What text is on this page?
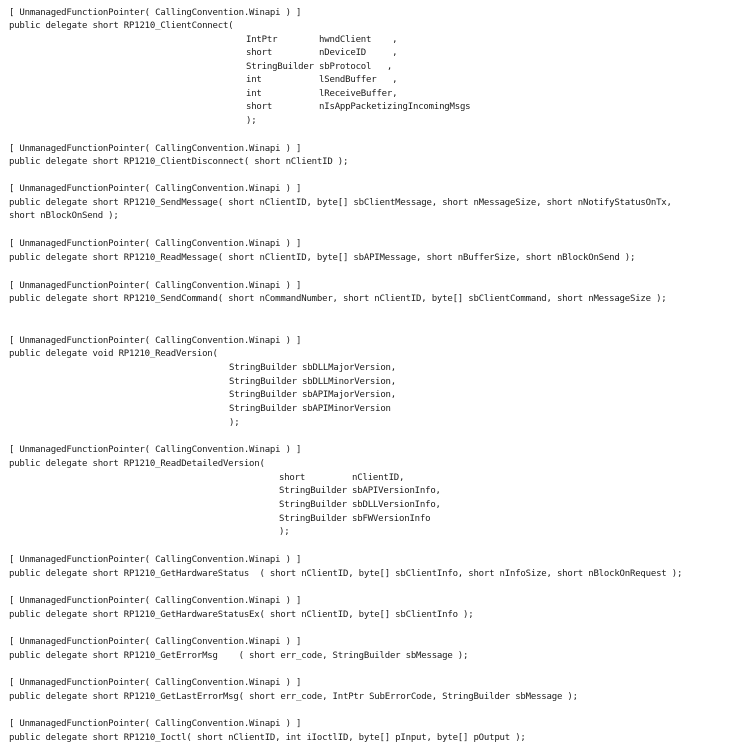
[ UnmanagedFunctionPointer( CallingConvention.Winapi ) ]
public delegate short RP1210_ClientConnect(
IntPtr        hwndClient    ,
short         nDeviceID     ,
StringBuilder sbProtocol   ,
int           lSendBuffer   ,
int           lReceiveBuffer,
short         nIsAppPacketizingIncomingMsgs
);
[ UnmanagedFunctionPointer( CallingConvention.Winapi ) ]
public delegate short RP1210_ClientDisconnect( short nClientID );
[ UnmanagedFunctionPointer( CallingConvention.Winapi ) ]
public delegate short RP1210_SendMessage( short nClientID, byte[] sbClientMessage, short nMessageSize, short nNotifyStatusOnTx,
short nBlockOnSend );
[ UnmanagedFunctionPointer( CallingConvention.Winapi ) ]
public delegate short RP1210_ReadMessage( short nClientID, byte[] sbAPIMessage, short nBufferSize, short nBlockOnSend );
[ UnmanagedFunctionPointer( CallingConvention.Winapi ) ]
public delegate short RP1210_SendCommand( short nCommandNumber, short nClientID, byte[] sbClientCommand, short nMessageSize );
[ UnmanagedFunctionPointer( CallingConvention.Winapi ) ]
public delegate void RP1210_ReadVersion(
StringBuilder sbDLLMajorVersion,
StringBuilder sbDLLMinorVersion,
StringBuilder sbAPIMajorVersion,
StringBuilder sbAPIMinorVersion
);
[ UnmanagedFunctionPointer( CallingConvention.Winapi ) ]
public delegate short RP1210_ReadDetailedVersion(
short         nClientID,
StringBuilder sbAPIVersionInfo,
StringBuilder sbDLLVersionInfo,
StringBuilder sbFWVersionInfo
);
[ UnmanagedFunctionPointer( CallingConvention.Winapi ) ]
public delegate short RP1210_GetHardwareStatus  ( short nClientID, byte[] sbClientInfo, short nInfoSize, short nBlockOnRequest );
[ UnmanagedFunctionPointer( CallingConvention.Winapi ) ]
public delegate short RP1210_GetHardwareStatusEx( short nClientID, byte[] sbClientInfo );
[ UnmanagedFunctionPointer( CallingConvention.Winapi ) ]
public delegate short RP1210_GetErrorMsg    ( short err_code, StringBuilder sbMessage );
[ UnmanagedFunctionPointer( CallingConvention.Winapi ) ]
public delegate short RP1210_GetLastErrorMsg( short err_code, IntPtr SubErrorCode, StringBuilder sbMessage );
[ UnmanagedFunctionPointer( CallingConvention.Winapi ) ]
public delegate short RP1210_Ioctl( short nClientID, int iIoctlID, byte[] pInput, byte[] pOutput );
